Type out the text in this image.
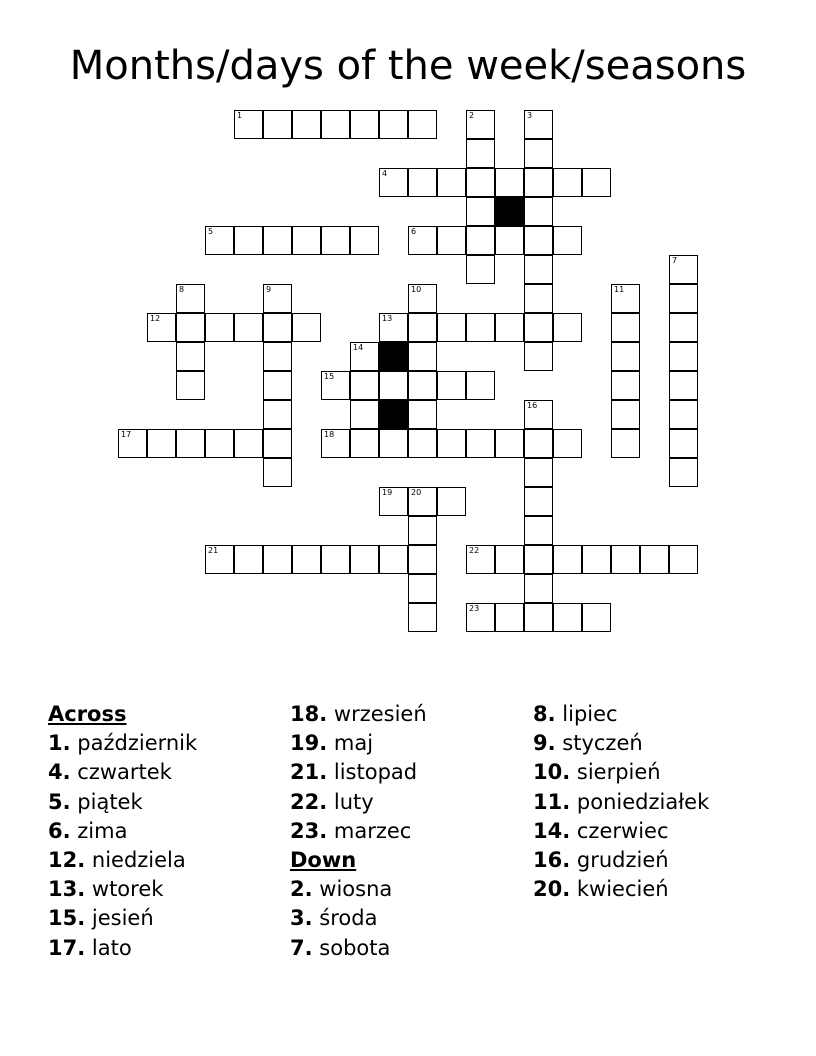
Months/days of the week/seasons
1	2	3
4
5	6
7
8	9	10	11
12	13
14
15
16
17	18
19 20
21	22
23
Across
1. październik
4. czwartek
5. piątek
6. zima
12. niedziela
13. wtorek
15. jesień
17. lato
18. wrzesień
19. maj
21. listopad
22. luty
23. marzec
Down
2. wiosna
3. środa
7. sobota
8. lipiec
9. styczeń
10. sierpień
11. poniedziałek
14. czerwiec
16. grudzień
20. kwiecień
